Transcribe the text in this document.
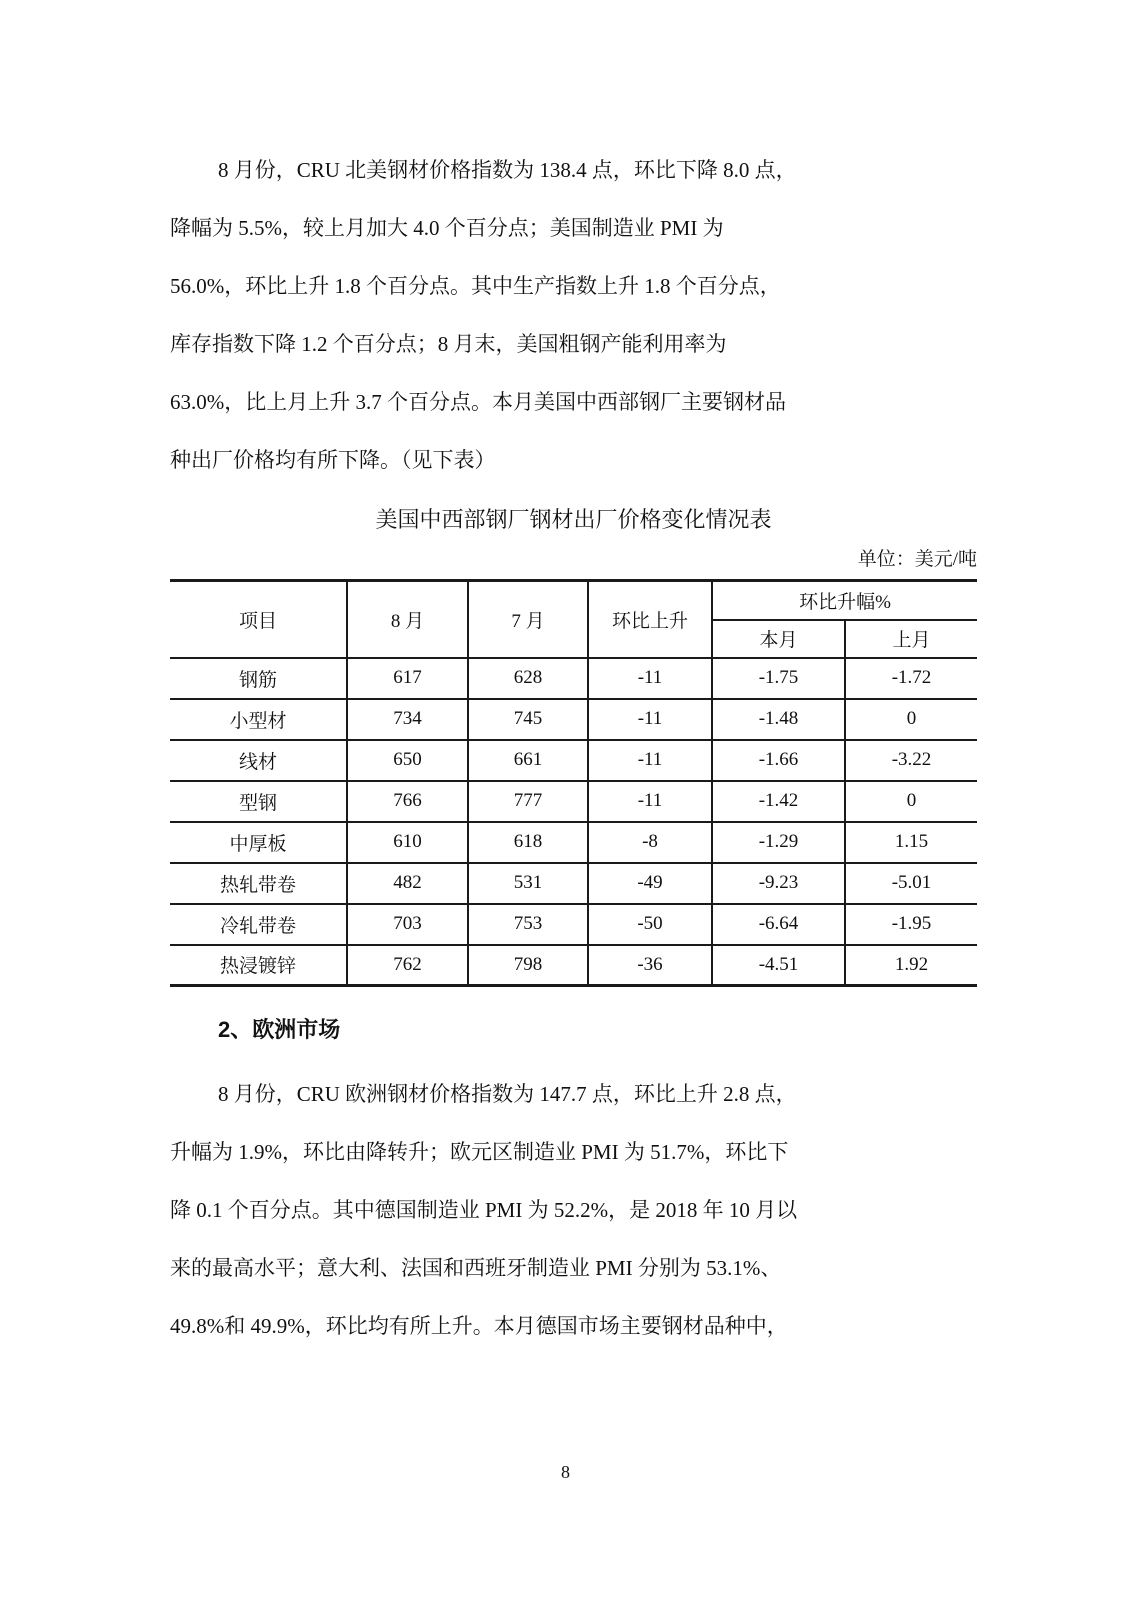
8 月份，CRU 北美钢材价格指数为 138.4 点，环比下降 8.0 点，
降幅为 5.5%，较上月加大 4.0 个百分点；美国制造业 PMI 为
56.0%，环比上升 1.8 个百分点。其中生产指数上升 1.8 个百分点，
库存指数下降 1.2 个百分点；8 月末，美国粗钢产能利用率为
63.0%，比上月上升 3.7 个百分点。本月美国中西部钢厂主要钢材品
种出厂价格均有所下降。（见下表）
美国中西部钢厂钢材出厂价格变化情况表
单位：美元/吨
项目	8 月	7 月	环比上升	环比升幅%	
				本月	上月
钢筋	617	628	-11	-1.75	-1.72
小型材	734	745	-11	-1.48	0
线材	650	661	-11	-1.66	-3.22
型钢	766	777	-11	-1.42	0
中厚板	610	618	-8	-1.29	1.15
热轧带卷	482	531	-49	-9.23	-5.01
冷轧带卷	703	753	-50	-6.64	-1.95
热浸镀锌	762	798	-36	-4.51	1.92
2、欧洲市场
8 月份，CRU 欧洲钢材价格指数为 147.7 点，环比上升 2.8 点，
升幅为 1.9%，环比由降转升；欧元区制造业 PMI 为 51.7%，环比下
降 0.1 个百分点。其中德国制造业 PMI 为 52.2%，是 2018 年 10 月以
来的最高水平；意大利、法国和西班牙制造业 PMI 分别为 53.1%、
49.8%和 49.9%，环比均有所上升。本月德国市场主要钢材品种中，
8
